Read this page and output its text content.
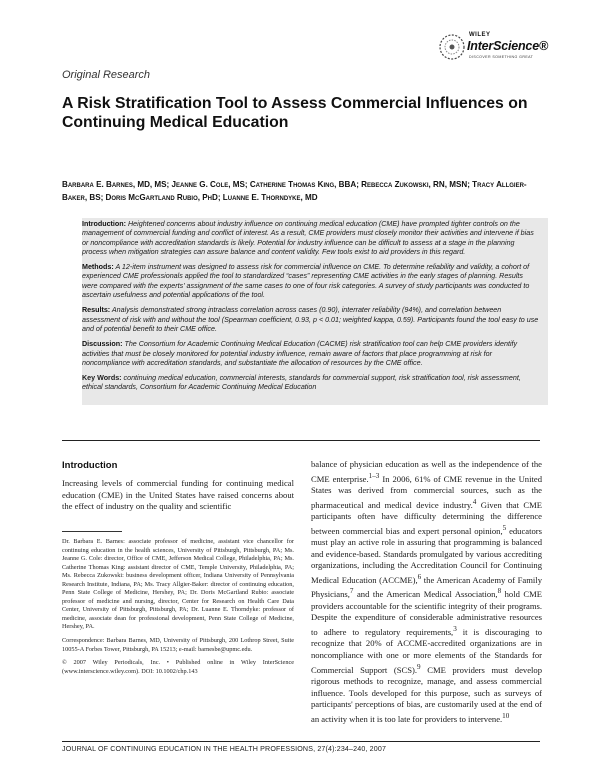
WILEY
InterScience®
DISCOVER SOMETHING GREAT
Original Research
A Risk Stratification Tool to Assess Commercial Influences on Continuing Medical Education
Barbara E. Barnes, MD, MS; Jeanne G. Cole, MS; Catherine Thomas King, BBA; Rebecca Zukowski, RN, MSN; Tracy Allgier-Baker, BS; Doris McGartland Rubio, PhD; Luanne E. Thorndyke, MD

Introduction: Heightened concerns about industry influence on continuing medical education (CME) have prompted tighter controls on the management of commercial funding and conflict of interest. As a result, CME providers must closely monitor their activities and intervene if bias or noncompliance with accreditation standards is likely. Potential for industry influence can be difficult to assess at a stage in the planning process when mitigation strategies can assure balance and content validity. Few tools exist to aid providers in this regard.

Methods: A 12-item instrument was designed to assess risk for commercial influence on CME. To determine reliability and validity, a cohort of experienced CME professionals applied the tool to standardized “cases” representing CME activities in the early stages of planning. Results were compared with the experts' assignment of the same cases to one of four risk categories. A survey of study participants was conducted to ascertain usefulness and potential applications of the tool.

Results: Analysis demonstrated strong intraclass correlation across cases (0.90), interrater reliability (94%), and correlation between assessment of risk with and without the tool (Spearman coefficient, 0.93, p < 0.01; weighted kappa, 0.59). Participants found the tool easy to use and of potential benefit to their CME office.

Discussion: The Consortium for Academic Continuing Medical Education (CACME) risk stratification tool can help CME providers identify activities that must be closely monitored for potential industry influence, remain aware of factors that place programming at risk for noncompliance with accreditation standards, and substantiate the allocation of resources by the CME office.

Key Words: continuing medical education, commercial interests, standards for commercial support, risk stratification tool, risk assessment, ethical standards, Consortium for Academic Continuing Medical Education

Introduction
Increasing levels of commercial funding for continuing medical education (CME) in the United States have raised concerns about the effect of industry on the quality and scientific

Dr. Barbara E. Barnes: associate professor of medicine, assistant vice chancellor for continuing education in the health sciences, University of Pittsburgh, Pittsburgh, PA; Ms. Jeanne G. Cole: director, Office of CME, Jefferson Medical College, Philadelphia, PA; Ms. Catherine Thomas King: assistant director of CME, Temple University, Philadelphia, PA; Ms. Rebecca Zukowski: business development officer, Indiana University of Pennsylvania Research Institute, Indiana, PA; Ms. Tracy Allgier-Baker: director of continuing education, Penn State College of Medicine, Hershey, PA; Dr. Doris McGartland Rubio: associate professor of medicine and nursing, director, Center for Research on Health Care Data Center, University of Pittsburgh, Pittsburgh, PA; Dr. Luanne E. Thorndyke: professor of medicine, associate dean for professional development, Penn State College of Medicine, Hershey, PA.

Correspondence: Barbara Barnes, MD, University of Pittsburgh, 200 Lothrop Street, Suite 10055-A Forbes Tower, Pittsburgh, PA 15213; e-mail: barnesbe@upmc.edu.

© 2007 Wiley Periodicals, Inc. • Published online in Wiley InterScience (www.interscience.wiley.com). DOI: 10.1002/chp.143

balance of physician education as well as the independence of the CME enterprise.$^{1-3}$ In 2006, 61% of CME revenue in the United States was derived from commercial sources, such as the pharmaceutical and medical device industry.$^4$ Given that CME participants often have difficulty determining the difference between commercial bias and expert personal opinion,$^5$ educators must play an active role in assuring that programming is balanced and evidence-based. Standards promulgated by various accrediting organizations, including the Accreditation Council for Continuing Medical Education (ACCME),$^6$ the American Academy of Family Physicians,$^7$ and the American Medical Association,$^8$ hold CME providers accountable for the scientific integrity of their programs. Despite the expenditure of considerable administrative resources to adhere to regulatory requirements,$^3$ it is discouraging to recognize that 20% of ACCME-accredited organizations are in noncompliance with one or more elements of the Standards for Commercial Support (SCS).$^9$ CME providers must develop rigorous methods to recognize, manage, and assess commercial influence. Tools developed for this purpose, such as surveys of participants' perceptions of bias, are customarily used at the end of an activity when it is too late for providers to intervene.$^{10}$
JOURNAL OF CONTINUING EDUCATION IN THE HEALTH PROFESSIONS, 27(4):234–240, 2007
